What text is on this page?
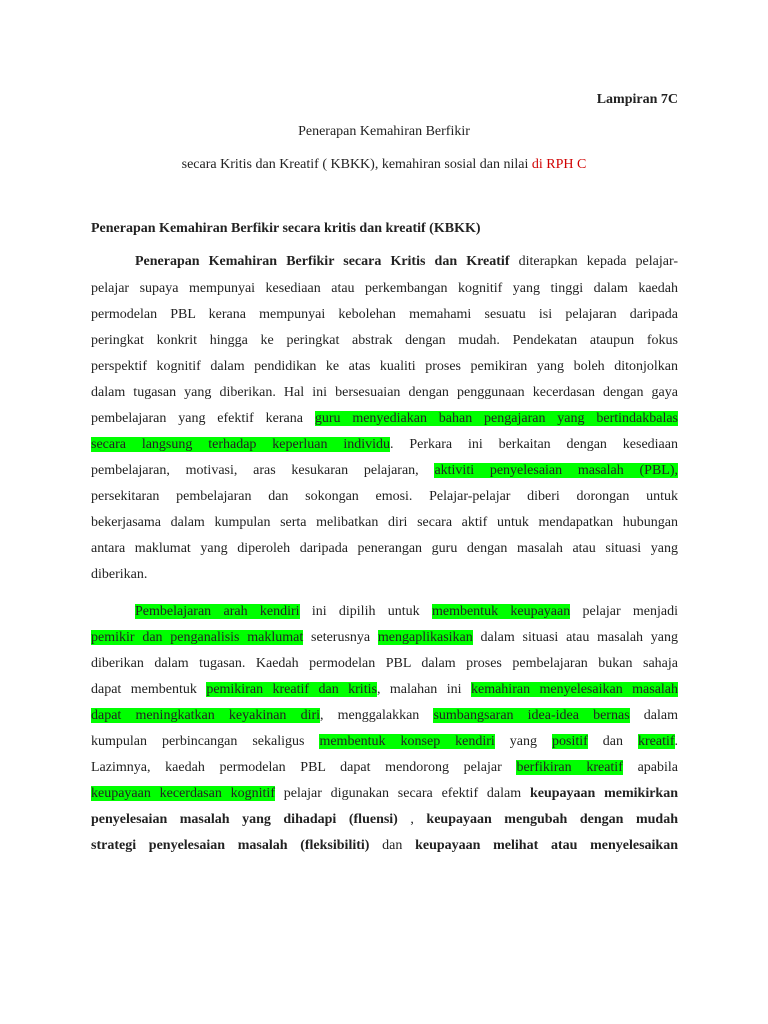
Lampiran 7C
Penerapan Kemahiran Berfikir
secara Kritis dan Kreatif ( KBKK), kemahiran sosial dan nilai di RPH C
Penerapan Kemahiran Berfikir secara kritis dan kreatif (KBKK)
Penerapan Kemahiran Berfikir secara Kritis dan Kreatif diterapkan kepada pelajar-
pelajar supaya mempunyai kesediaan atau perkembangan kognitif yang tinggi dalam kaedah
permodelan PBL kerana mempunyai kebolehan memahami sesuatu isi pelajaran daripada
peringkat konkrit hingga ke peringkat abstrak dengan mudah. Pendekatan ataupun fokus
perspektif kognitif dalam pendidikan ke atas kualiti proses pemikiran yang boleh ditonjolkan
dalam tugasan yang diberikan. Hal ini bersesuaian dengan penggunaan kecerdasan dengan gaya
pembelajaran yang efektif kerana guru menyediakan bahan pengajaran yang bertindakbalas
secara langsung terhadap keperluan individu. Perkara ini berkaitan dengan kesediaan
pembelajaran, motivasi, aras kesukaran pelajaran, aktiviti penyelesaian masalah (PBL),
persekitaran pembelajaran dan sokongan emosi. Pelajar-pelajar diberi dorongan untuk
bekerjasama dalam kumpulan serta melibatkan diri secara aktif untuk mendapatkan hubungan
antara maklumat yang diperoleh daripada penerangan guru dengan masalah atau situasi yang
diberikan.
Pembelajaran arah kendiri ini dipilih untuk membentuk keupayaan pelajar menjadi
pemikir dan penganalisis maklumat seterusnya mengaplikasikan dalam situasi atau masalah yang
diberikan dalam tugasan. Kaedah permodelan PBL dalam proses pembelajaran bukan sahaja
dapat membentuk pemikiran kreatif dan kritis, malahan ini kemahiran menyelesaikan masalah
dapat meningkatkan keyakinan diri, menggalakkan sumbangsaran idea-idea bernas dalam
kumpulan perbincangan sekaligus membentuk konsep kendiri yang positif dan kreatif.
Lazimnya, kaedah permodelan PBL dapat mendorong pelajar berfikiran kreatif apabila
keupayaan kecerdasan kognitif pelajar digunakan secara efektif dalam keupayaan memikirkan
penyelesaian masalah yang dihadapi (fluensi) , keupayaan mengubah dengan mudah
strategi penyelesaian masalah (fleksibiliti) dan keupayaan melihat atau menyelesaikan
